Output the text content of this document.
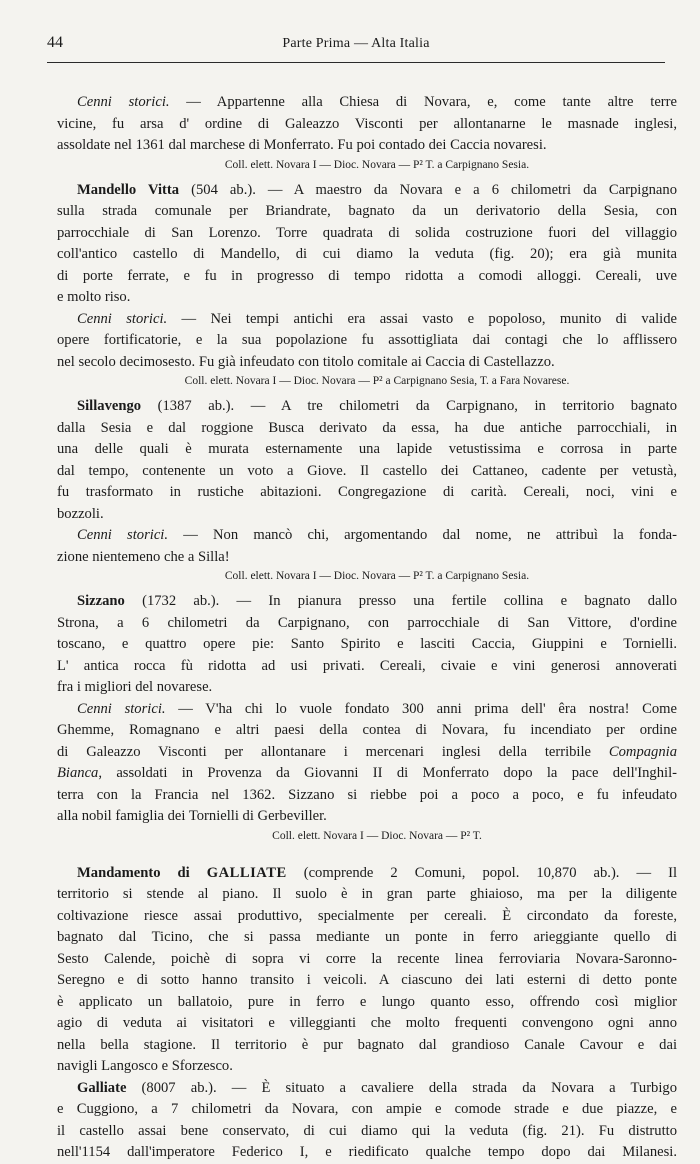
44	Parte Prima — Alta Italia
Cenni storici. — Appartenne alla Chiesa di Novara, e, come tante altre terre
vicine, fu arsa d' ordine di Galeazzo Visconti per allontanarne le masnade inglesi,
assoldate nel 1361 dal marchese di Monferrato. Fu poi contado dei Caccia novaresi.
Coll. elett. Novara I — Dioc. Novara — P² T. a Carpignano Sesia.
Mandello Vitta (504 ab.). — A maestro da Novara e a 6 chilometri da Carpignano
sulla strada comunale per Briandrate, bagnato da un derivatorio della Sesia, con
parrocchiale di San Lorenzo. Torre quadrata di solida costruzione fuori del villaggio
coll'antico castello di Mandello, di cui diamo la veduta (fig. 20); era già munita
di porte ferrate, e fu in progresso di tempo ridotta a comodi alloggi. Cereali, uve
e molto riso.
Cenni storici. — Nei tempi antichi era assai vasto e popoloso, munito di valide
opere fortificatorie, e la sua popolazione fu assottigliata dai contagi che lo afflissero
nel secolo decimosesto. Fu già infeudato con titolo comitale ai Caccia di Castellazzo.
Coll. elett. Novara I — Dioc. Novara — P² a Carpignano Sesia, T. a Fara Novarese.
Sillavengo (1387 ab.). — A tre chilometri da Carpignano, in territorio bagnato
dalla Sesia e dal roggione Busca derivato da essa, ha due antiche parrocchiali, in
una delle quali è murata esternamente una lapide vetustissima e corrosa in parte
dal tempo, contenente un voto a Giove. Il castello dei Cattaneo, cadente per vetustà,
fu trasformato in rustiche abitazioni. Congregazione di carità. Cereali, noci, vini e
bozzoli.
Cenni storici. — Non mancò chi, argomentando dal nome, ne attribuì la fonda-
zione nientemeno che a Silla!
Coll. elett. Novara I — Dioc. Novara — P² T. a Carpignano Sesia.
Sizzano (1732 ab.). — In pianura presso una fertile collina e bagnato dallo
Strona, a 6 chilometri da Carpignano, con parrocchiale di San Vittore, d'ordine
toscano, e quattro opere pie: Santo Spirito e lasciti Caccia, Giuppini e Tornielli.
L' antica rocca fù ridotta ad usi privati. Cereali, civaie e vini generosi annoverati
fra i migliori del novarese.
Cenni storici. — V'ha chi lo vuole fondato 300 anni prima dell' êra nostra! Come
Ghemme, Romagnano e altri paesi della contea di Novara, fu incendiato per ordine
di Galeazzo Visconti per allontanare i mercenari inglesi della terribile Compagnia
Bianca, assoldati in Provenza da Giovanni II di Monferrato dopo la pace dell'Inghil-
terra con la Francia nel 1362. Sizzano si riebbe poi a poco a poco, e fu infeudato
alla nobil famiglia dei Tornielli di Gerbeviller.
Coll. elett. Novara I — Dioc. Novara — P² T.
Mandamento di GALLIATE (comprende 2 Comuni, popol. 10,870 ab.). — Il
territorio si stende al piano. Il suolo è in gran parte ghiaioso, ma per la diligente
coltivazione riesce assai produttivo, specialmente per cereali. È circondato da foreste,
bagnato dal Ticino, che si passa mediante un ponte in ferro arieggiante quello di
Sesto Calende, poichè di sopra vi corre la recente linea ferroviaria Novara-Saronno-
Seregno e di sotto hanno transito i veicoli. A ciascuno dei lati esterni di detto ponte
è applicato un ballatoio, pure in ferro e lungo quanto esso, offrendo così miglior
agio di veduta ai visitatori e villeggianti che molto frequenti convengono ogni anno
nella bella stagione. Il territorio è pur bagnato dal grandioso Canale Cavour e dai
navigli Langosco e Sforzesco.
Galliate (8007 ab.). — È situato a cavaliere della strada da Novara a Turbigo
e Cuggiono, a 7 chilometri da Novara, con ampie e comode strade e due piazze, e
il castello assai bene conservato, di cui diamo qui la veduta (fig. 21). Fu distrutto
nell'1154 dall'imperatore Federico I, e riedificato qualche tempo dopo dai Milanesi.
